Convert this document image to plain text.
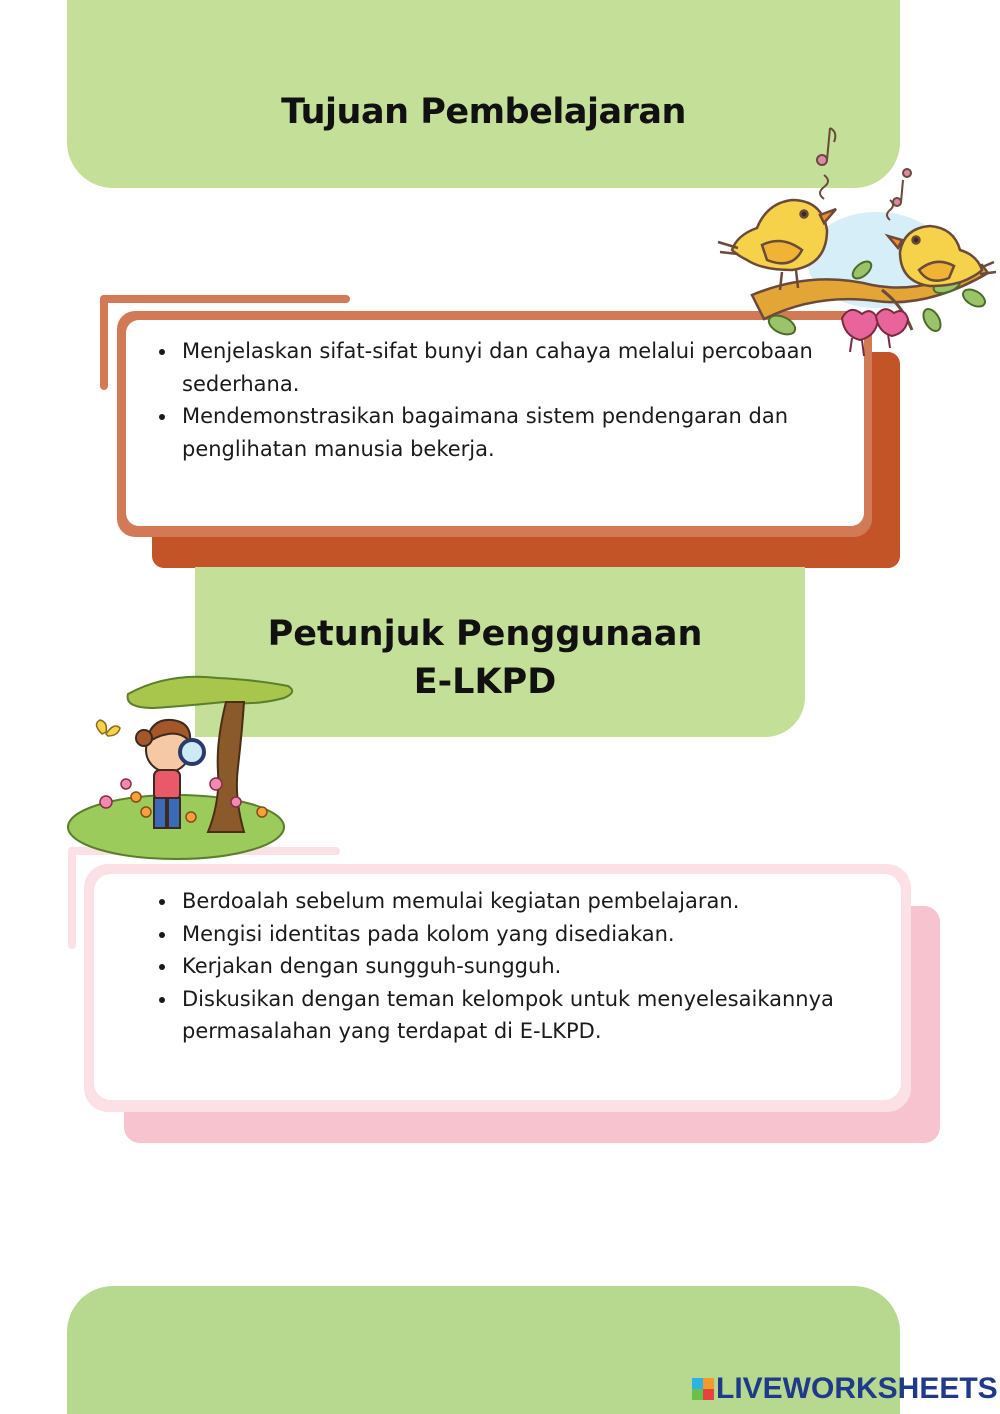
Tujuan Pembelajaran
• Menjelaskan sifat-sifat bunyi dan cahaya melalui percobaan sederhana.
• Mendemonstrasikan bagaimana sistem pendengaran dan penglihatan manusia bekerja.
Petunjuk Penggunaan
E-LKPD
• Berdoalah sebelum memulai kegiatan pembelajaran.
• Mengisi identitas pada kolom yang disediakan.
• Kerjakan dengan sungguh-sungguh.
• Diskusikan dengan teman kelompok untuk menyelesaikannya permasalahan yang terdapat di E-LKPD.
LIVEWORKSHEETS
